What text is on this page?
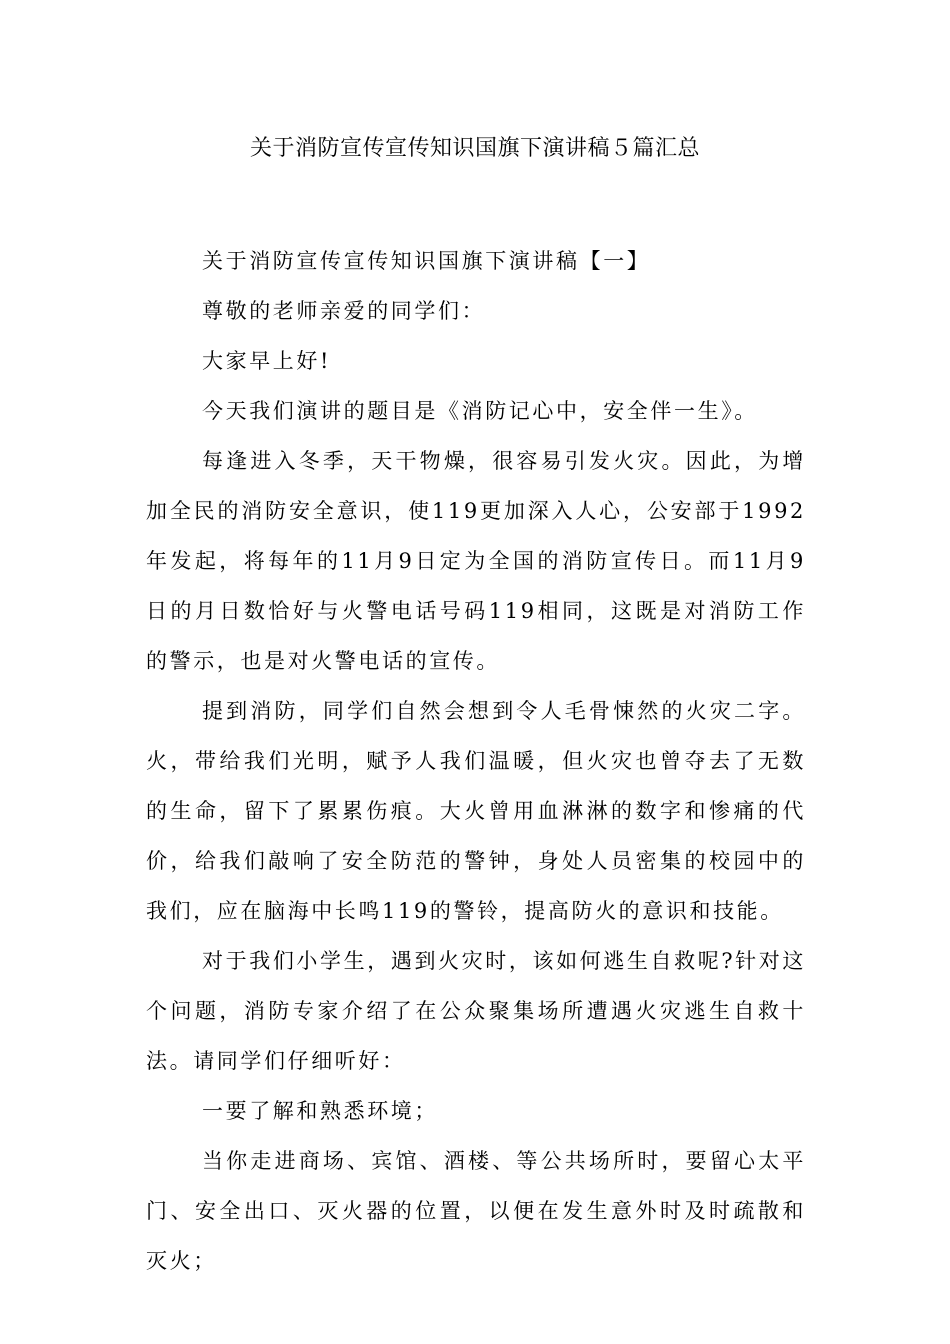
关于消防宣传宣传知识国旗下演讲稿５篇汇总

关于消防宣传宣传知识国旗下演讲稿【一】

尊敬的老师亲爱的同学们：

大家早上好!

今天我们演讲的题目是《消防记心中，安全伴一生》。

每逢进入冬季，天干物燥，很容易引发火灾。因此，为增加全民的消防安全意识，使119更加深入人心，公安部于1992年发起，将每年的11月9日定为全国的消防宣传日。而11月9日的月日数恰好与火警电话号码119相同，这既是对消防工作的警示，也是对火警电话的宣传。

提到消防，同学们自然会想到令人毛骨悚然的火灾二字。火，带给我们光明，赋予人我们温暖，但火灾也曾夺去了无数的生命，留下了累累伤痕。大火曾用血淋淋的数字和惨痛的代价，给我们敲响了安全防范的警钟，身处人员密集的校园中的我们，应在脑海中长鸣119的警铃，提高防火的意识和技能。

对于我们小学生，遇到火灾时，该如何逃生自救呢?针对这个问题，消防专家介绍了在公众聚集场所遭遇火灾逃生自救十法。请同学们仔细听好：

一要了解和熟悉环境；

当你走进商场、宾馆、酒楼、等公共场所时，要留心太平门、安全出口、灭火器的位置，以便在发生意外时及时疏散和灭火；
